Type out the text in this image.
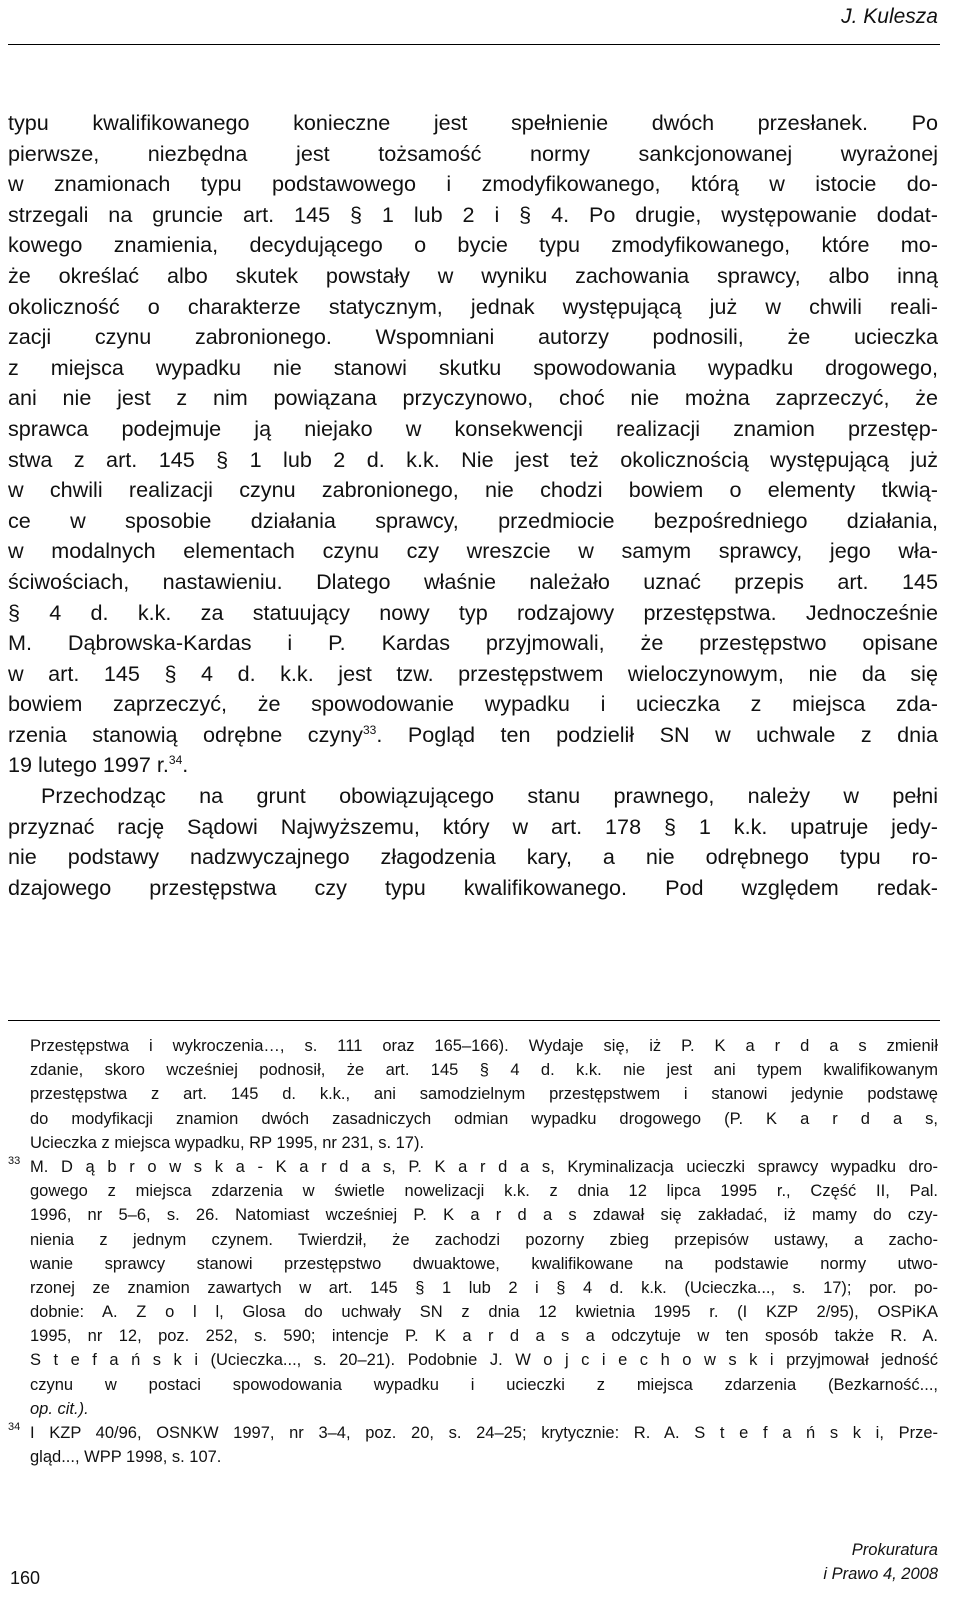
J. Kulesza
typu kwalifikowanego konieczne jest spełnienie dwóch przesłanek. Po
pierwsze, niezbędna jest tożsamość normy sankcjonowanej wyrażonej
w znamionach typu podstawowego i zmodyfikowanego, którą w istocie do-
strzegali na gruncie art. 145 § 1 lub 2 i § 4. Po drugie, występowanie dodat-
kowego znamienia, decydującego o bycie typu zmodyfikowanego, które mo-
że określać albo skutek powstały w wyniku zachowania sprawcy, albo inną
okoliczność o charakterze statycznym, jednak występującą już w chwili reali-
zacji czynu zabronionego. Wspomniani autorzy podnosili, że ucieczka
z miejsca wypadku nie stanowi skutku spowodowania wypadku drogowego,
ani nie jest z nim powiązana przyczynowo, choć nie można zaprzeczyć, że
sprawca podejmuje ją niejako w konsekwencji realizacji znamion przestęp-
stwa z art. 145 § 1 lub 2 d. k.k. Nie jest też okolicznością występującą już
w chwili realizacji czynu zabronionego, nie chodzi bowiem o elementy tkwią-
ce w sposobie działania sprawcy, przedmiocie bezpośredniego działania,
w modalnych elementach czynu czy wreszcie w samym sprawcy, jego wła-
ściwościach, nastawieniu. Dlatego właśnie należało uznać przepis art. 145
§ 4 d. k.k. za statuujący nowy typ rodzajowy przestępstwa. Jednocześnie
M. Dąbrowska-Kardas i P. Kardas przyjmowali, że przestępstwo opisane
w art. 145 § 4 d. k.k. jest tzw. przestępstwem wieloczynowym, nie da się
bowiem zaprzeczyć, że spowodowanie wypadku i ucieczka z miejsca zda-
rzenia stanowią odrębne czyny$^{33}$. Pogląd ten podzielił SN w uchwale z dnia
19 lutego 1997 r.$^{34}$.
Przechodząc na grunt obowiązującego stanu prawnego, należy w pełni
przyznać rację Sądowi Najwyższemu, który w art. 178 § 1 k.k. upatruje jedy-
nie podstawy nadzwyczajnego złagodzenia kary, a nie odrębnego typu ro-
dzajowego przestępstwa czy typu kwalifikowanego. Pod względem redak-
Przestępstwa i wykroczenia…, s. 111 oraz 165–166). Wydaje się, iż P. K a r d a s zmienił
zdanie, skoro wcześniej podnosił, że art. 145 § 4 d. k.k. nie jest ani typem kwalifikowanym
przestępstwa z art. 145 d. k.k., ani samodzielnym przestępstwem i stanowi jedynie podstawę
do modyfikacji znamion dwóch zasadniczych odmian wypadku drogowego (P. K a r d a s,
Ucieczka z miejsca wypadku, RP 1995, nr 231, s. 17).
33 M. D ą b r o w s k a - K a r d a s, P. K a r d a s, Kryminalizacja ucieczki sprawcy wypadku dro-
gowego z miejsca zdarzenia w świetle nowelizacji k.k. z dnia 12 lipca 1995 r., Część II, Pal.
1996, nr 5–6, s. 26. Natomiast wcześniej P. K a r d a s zdawał się zakładać, iż mamy do czy-
nienia z jednym czynem. Twierdził, że zachodzi pozorny zbieg przepisów ustawy, a zacho-
wanie sprawcy stanowi przestępstwo dwuaktowe, kwalifikowane na podstawie normy utwo-
rzonej ze znamion zawartych w art. 145 § 1 lub 2 i § 4 d. k.k. (Ucieczka..., s. 17); por. po-
dobnie: A. Z o l l, Glosa do uchwały SN z dnia 12 kwietnia 1995 r. (I KZP 2/95), OSPiKA
1995, nr 12, poz. 252, s. 590; intencje P. K a r d a s a odczytuje w ten sposób także R. A.
S t e f a ń s k i (Ucieczka..., s. 20–21). Podobnie J. W o j c i e c h o w s k i przyjmował jedność
czynu w postaci spowodowania wypadku i ucieczki z miejsca zdarzenia (Bezkarność...,
op. cit.).
34 I KZP 40/96, OSNKW 1997, nr 3–4, poz. 20, s. 24–25; krytycznie: R. A. S t e f a ń s k i, Prze-
gląd..., WPP 1998, s. 107.
160
Prokuratura
i Prawo 4, 2008
